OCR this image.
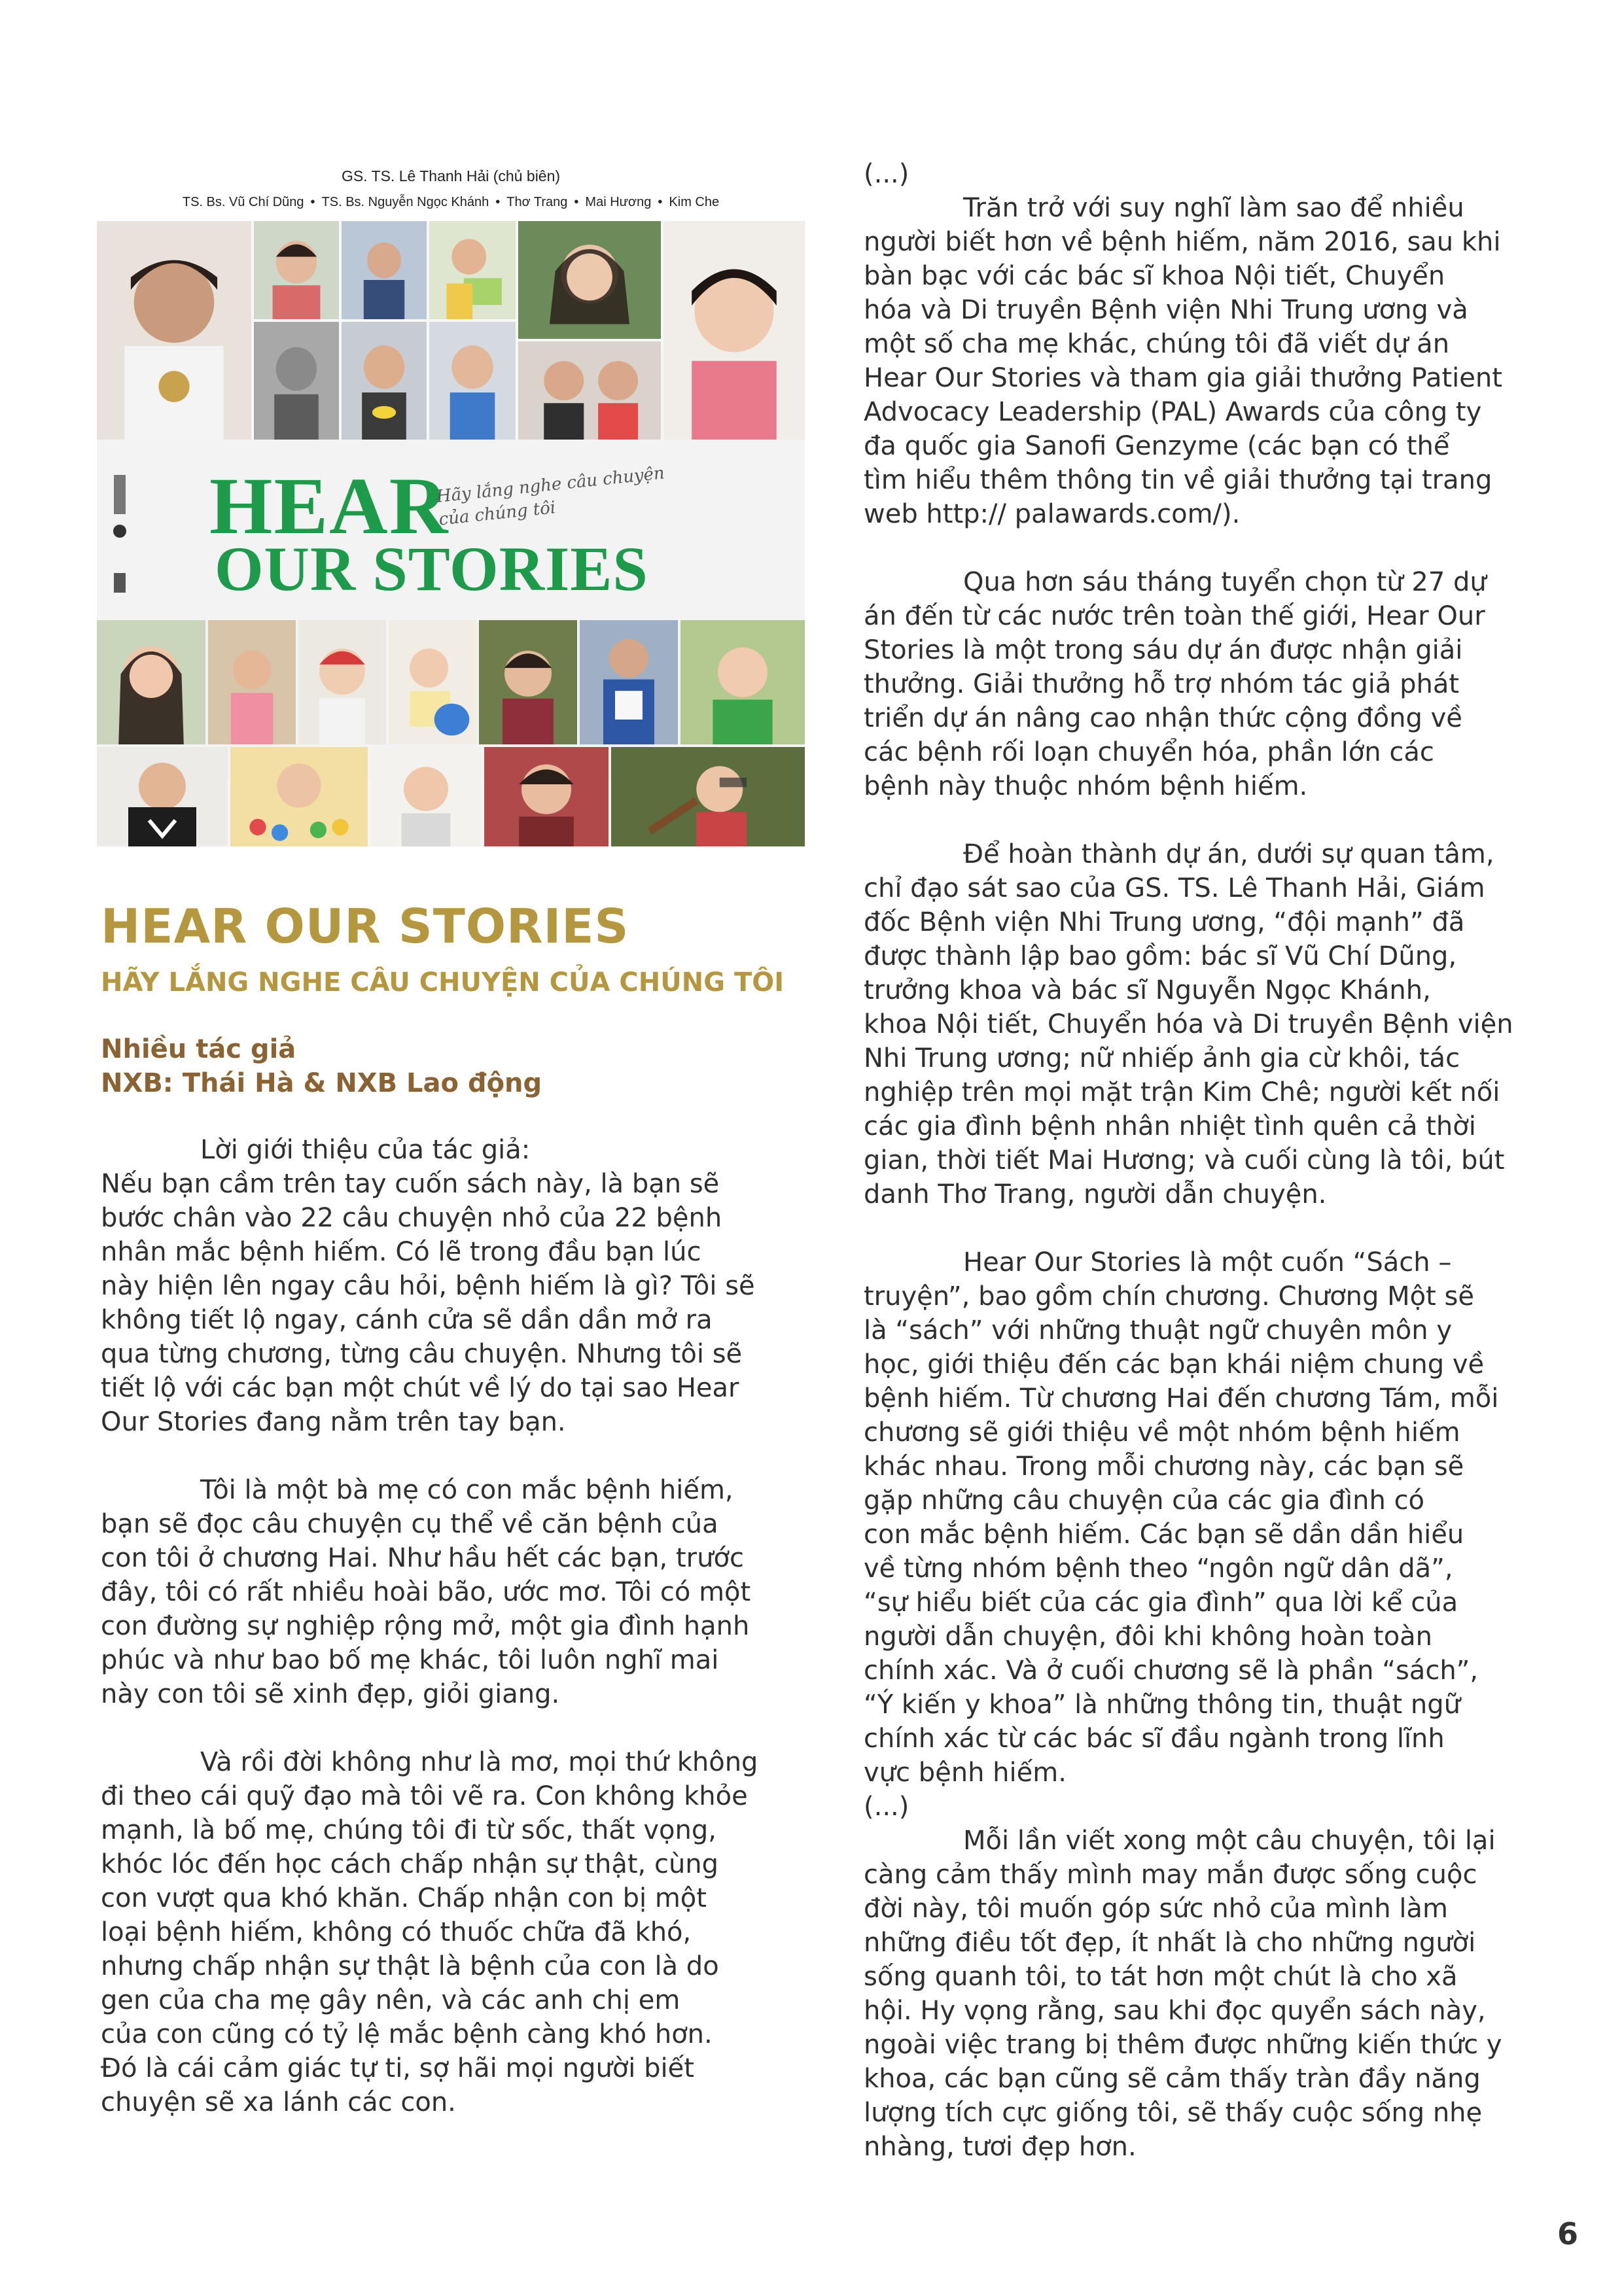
GS. TS. Lê Thanh Hải (chủ biên)
TS. Bs. Vũ Chí Dũng • TS. Bs. Nguyễn Ngọc Khánh • Thơ Trang • Mai Hương • Kim Che
HEAR
OUR STORIES
Hãy lắng nghe câu chuyện của chúng tôi
HEAR OUR STORIES
HÃY LẮNG NGHE CÂU CHUYỆN CỦA CHÚNG TÔI
Nhiều tác giả
NXB: Thái Hà & NXB Lao động
Lời giới thiệu của tác giả:
Nếu bạn cầm trên tay cuốn sách này, là bạn sẽ
bước chân vào 22 câu chuyện nhỏ của 22 bệnh
nhân mắc bệnh hiếm. Có lẽ trong đầu bạn lúc
này hiện lên ngay câu hỏi, bệnh hiếm là gì? Tôi sẽ
không tiết lộ ngay, cánh cửa sẽ dần dần mở ra
qua từng chương, từng câu chuyện. Nhưng tôi sẽ
tiết lộ với các bạn một chút về lý do tại sao Hear
Our Stories đang nằm trên tay bạn.
Tôi là một bà mẹ có con mắc bệnh hiếm,
bạn sẽ đọc câu chuyện cụ thể về căn bệnh của
con tôi ở chương Hai. Như hầu hết các bạn, trước
đây, tôi có rất nhiều hoài bão, ước mơ. Tôi có một
con đường sự nghiệp rộng mở, một gia đình hạnh
phúc và như bao bố mẹ khác, tôi luôn nghĩ mai
này con tôi sẽ xinh đẹp, giỏi giang.
Và rồi đời không như là mơ, mọi thứ không
đi theo cái quỹ đạo mà tôi vẽ ra. Con không khỏe
mạnh, là bố mẹ, chúng tôi đi từ sốc, thất vọng,
khóc lóc đến học cách chấp nhận sự thật, cùng
con vượt qua khó khăn. Chấp nhận con bị một
loại bệnh hiếm, không có thuốc chữa đã khó,
nhưng chấp nhận sự thật là bệnh của con là do
gen của cha mẹ gây nên, và các anh chị em
của con cũng có tỷ lệ mắc bệnh càng khó hơn.
Đó là cái cảm giác tự ti, sợ hãi mọi người biết
chuyện sẽ xa lánh các con.
(...)
Trăn trở với suy nghĩ làm sao để nhiều
người biết hơn về bệnh hiếm, năm 2016, sau khi
bàn bạc với các bác sĩ khoa Nội tiết, Chuyển
hóa và Di truyền Bệnh viện Nhi Trung ương và
một số cha mẹ khác, chúng tôi đã viết dự án
Hear Our Stories và tham gia giải thưởng Patient
Advocacy Leadership (PAL) Awards của công ty
đa quốc gia Sanofi Genzyme (các bạn có thể
tìm hiểu thêm thông tin về giải thưởng tại trang
web http:// palawards.com/).
Qua hơn sáu tháng tuyển chọn từ 27 dự
án đến từ các nước trên toàn thế giới, Hear Our
Stories là một trong sáu dự án được nhận giải
thưởng. Giải thưởng hỗ trợ nhóm tác giả phát
triển dự án nâng cao nhận thức cộng đồng về
các bệnh rối loạn chuyển hóa, phần lớn các
bệnh này thuộc nhóm bệnh hiếm.
Để hoàn thành dự án, dưới sự quan tâm,
chỉ đạo sát sao của GS. TS. Lê Thanh Hải, Giám
đốc Bệnh viện Nhi Trung ương, “đội mạnh” đã
được thành lập bao gồm: bác sĩ Vũ Chí Dũng,
trưởng khoa và bác sĩ Nguyễn Ngọc Khánh,
khoa Nội tiết, Chuyển hóa và Di truyền Bệnh viện
Nhi Trung ương; nữ nhiếp ảnh gia cừ khôi, tác
nghiệp trên mọi mặt trận Kim Chê; người kết nối
các gia đình bệnh nhân nhiệt tình quên cả thời
gian, thời tiết Mai Hương; và cuối cùng là tôi, bút
danh Thơ Trang, người dẫn chuyện.
Hear Our Stories là một cuốn “Sách –
truyện”, bao gồm chín chương. Chương Một sẽ
là “sách” với những thuật ngữ chuyên môn y
học, giới thiệu đến các bạn khái niệm chung về
bệnh hiếm. Từ chương Hai đến chương Tám, mỗi
chương sẽ giới thiệu về một nhóm bệnh hiếm
khác nhau. Trong mỗi chương này, các bạn sẽ
gặp những câu chuyện của các gia đình có
con mắc bệnh hiếm. Các bạn sẽ dần dần hiểu
về từng nhóm bệnh theo “ngôn ngữ dân dã”,
“sự hiểu biết của các gia đình” qua lời kể của
người dẫn chuyện, đôi khi không hoàn toàn
chính xác. Và ở cuối chương sẽ là phần “sách”,
“Ý kiến y khoa” là những thông tin, thuật ngữ
chính xác từ các bác sĩ đầu ngành trong lĩnh
vực bệnh hiếm.
(...)
Mỗi lần viết xong một câu chuyện, tôi lại
càng cảm thấy mình may mắn được sống cuộc
đời này, tôi muốn góp sức nhỏ của mình làm
những điều tốt đẹp, ít nhất là cho những người
sống quanh tôi, to tát hơn một chút là cho xã
hội. Hy vọng rằng, sau khi đọc quyển sách này,
ngoài việc trang bị thêm được những kiến thức y
khoa, các bạn cũng sẽ cảm thấy tràn đầy năng
lượng tích cực giống tôi, sẽ thấy cuộc sống nhẹ
nhàng, tươi đẹp hơn.
6
